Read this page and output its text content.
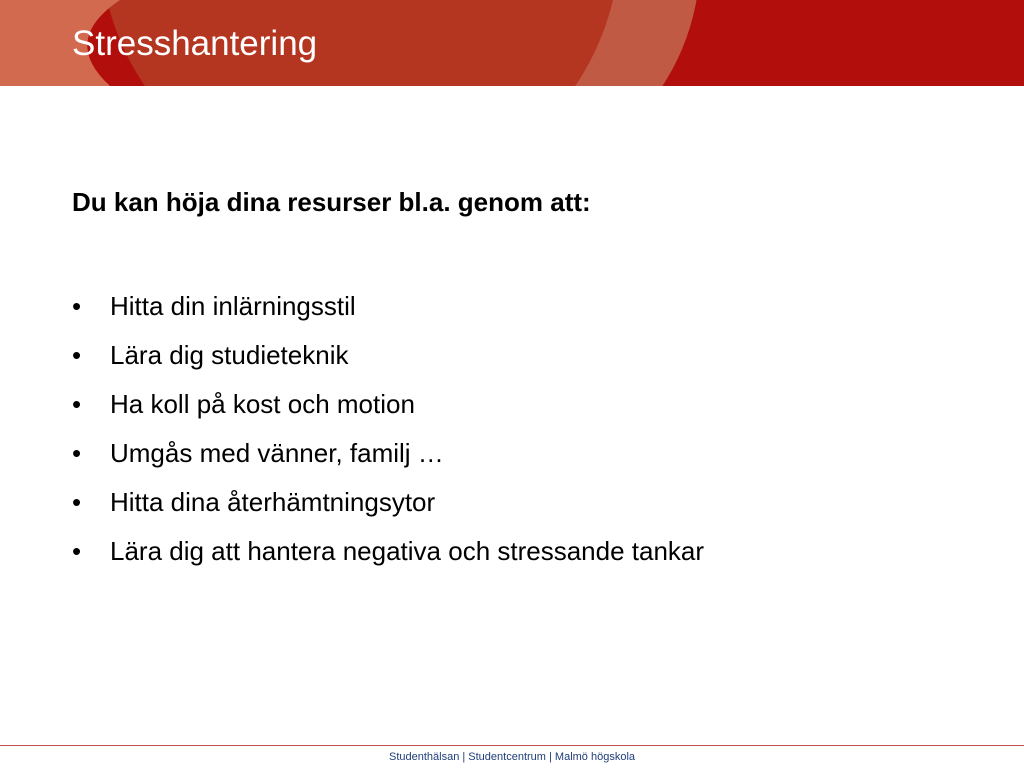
Stresshantering

Du kan höja dina resurser bl.a. genom att:

• Hitta din inlärningsstil
• Lära dig studieteknik
• Ha koll på kost och motion
• Umgås med vänner, familj …
• Hitta dina återhämtningsytor
• Lära dig att hantera negativa och stressande tankar
Studenthälsan | Studentcentrum | Malmö högskola
